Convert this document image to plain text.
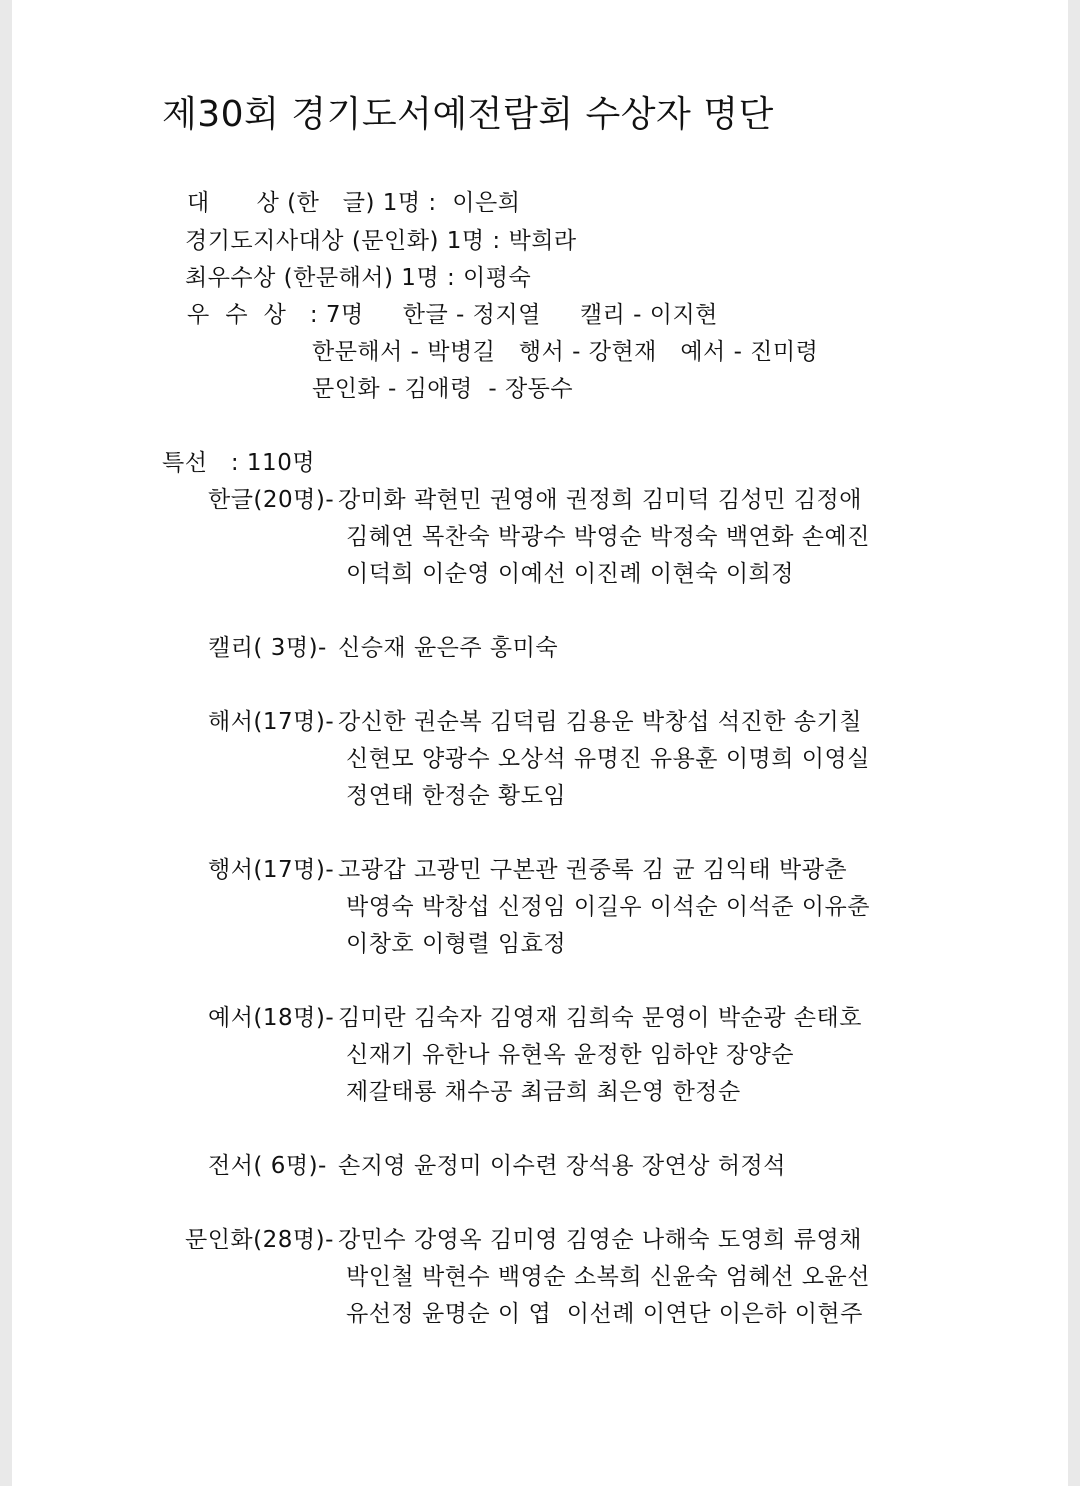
제30회 경기도서예전람회 수상자 명단
대      상 (한   글) 1명 :  이은희
경기도지사대상 (문인화) 1명 : 박희라
최우수상 (한문해서) 1명 : 이평숙
우  수  상   : 7명     한글 - 정지열     캘리 - 이지현
한문해서 - 박병길   행서 - 강현재   예서 - 진미령
문인화 - 김애령  - 장동수
특선   : 110명
한글(20명)- 강미화 곽현민 권영애 권정희 김미덕 김성민 김정애
김혜연 목찬숙 박광수 박영순 박정숙 백연화 손예진
이덕희 이순영 이예선 이진례 이현숙 이희정
캘리( 3명)- 신승재 윤은주 홍미숙
해서(17명)- 강신한 권순복 김덕림 김용운 박창섭 석진한 송기칠
신현모 양광수 오상석 유명진 유용훈 이명희 이영실
정연태 한정순 황도임
행서(17명)- 고광갑 고광민 구본관 권중록 김 균 김익태 박광춘
박영숙 박창섭 신정임 이길우 이석순 이석준 이유춘
이창호 이형렬 임효정
예서(18명)- 김미란 김숙자 김영재 김희숙 문영이 박순광 손태호
신재기 유한나 유현옥 윤정한 임하얀 장양순
제갈태룡 채수공 최금희 최은영 한정순
전서( 6명)- 손지영 윤정미 이수련 장석용 장연상 허정석
문인화(28명)- 강민수 강영옥 김미영 김영순 나해숙 도영희 류영채
박인철 박현수 백영순 소복희 신윤숙 엄혜선 오윤선
유선정 윤명순 이 엽  이선례 이연단 이은하 이현주
